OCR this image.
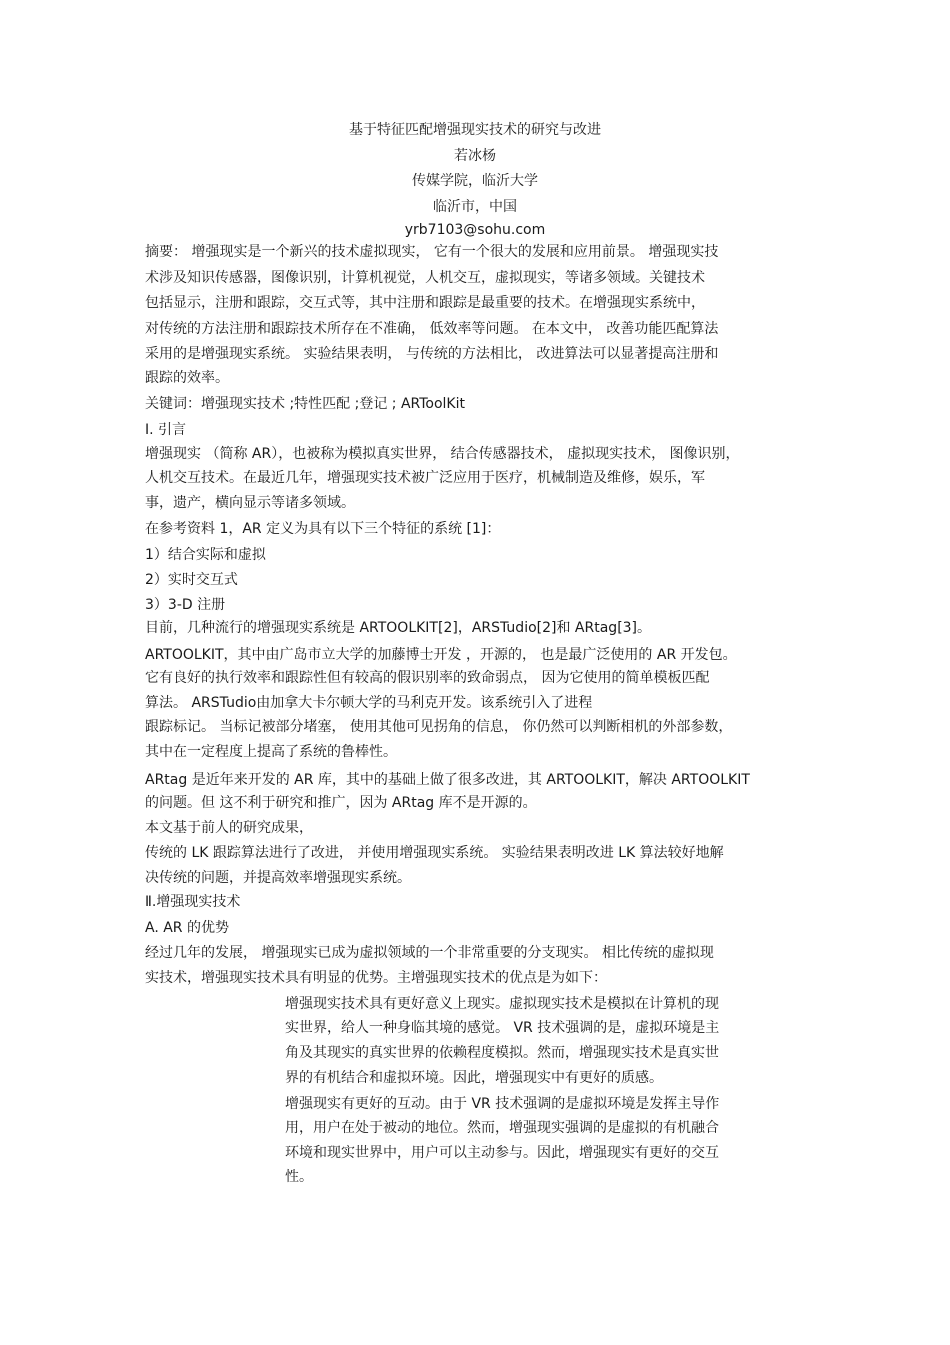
基于特征匹配增强现实技术的研究与改进
若冰杨
传媒学院，临沂大学
临沂市，中国
yrb7103@sohu.com
摘要： 增强现实是一个新兴的技术虚拟现实， 它有一个很大的发展和应用前景。 增强现实技
术涉及知识传感器，图像识别，计算机视觉，人机交互，虚拟现实，等诸多领域。关键技术
包括显示，注册和跟踪，交互式等，其中注册和跟踪是最重要的技术。在增强现实系统中，
对传统的方法注册和跟踪技术所存在不准确， 低效率等问题。 在本文中， 改善功能匹配算法
采用的是增强现实系统。 实验结果表明， 与传统的方法相比， 改进算法可以显著提高注册和
跟踪的效率。
关键词：增强现实技术 ;特性匹配 ;登记 ; ARToolKit
I. 引言
增强现实 （简称 AR），也被称为模拟真实世界， 结合传感器技术， 虚拟现实技术， 图像识别，
人机交互技术。在最近几年，增强现实技术被广泛应用于医疗，机械制造及维修，娱乐，军
事，遗产，横向显示等诸多领域。
在参考资料 1，AR 定义为具有以下三个特征的系统 [1]：
1）结合实际和虚拟
2）实时交互式
3）3-D 注册
目前，几种流行的增强现实系统是 ARTOOLKIT[2]，ARSTudio[2]和 ARtag[3]。
ARTOOLKIT，其中由广岛市立大学的加藤博士开发 ，开源的， 也是最广泛使用的 AR 开发包。
它有良好的执行效率和跟踪性但有较高的假识别率的致命弱点， 因为它使用的简单模板匹配
算法。 ARSTudio由加拿大卡尔顿大学的马利克开发。该系统引入了进程
跟踪标记。 当标记被部分堵塞， 使用其他可见拐角的信息， 你仍然可以判断相机的外部参数，
其中在一定程度上提高了系统的鲁棒性。
ARtag 是近年来开发的 AR 库，其中的基础上做了很多改进，其 ARTOOLKIT，解决 ARTOOLKIT
的问题。但 这不利于研究和推广，因为 ARtag 库不是开源的。
本文基于前人的研究成果，
传统的 LK 跟踪算法进行了改进， 并使用增强现实系统。 实验结果表明改进 LK 算法较好地解
决传统的问题，并提高效率增强现实系统。
Ⅱ.增强现实技术
A. AR 的优势
经过几年的发展， 增强现实已成为虚拟领域的一个非常重要的分支现实。 相比传统的虚拟现
实技术，增强现实技术具有明显的优势。主增强现实技术的优点是为如下：
增强现实技术具有更好意义上现实。虚拟现实技术是模拟在计算机的现
实世界，给人一种身临其境的感觉。 VR 技术强调的是，虚拟环境是主
角及其现实的真实世界的依赖程度模拟。然而，增强现实技术是真实世
界的有机结合和虚拟环境。因此，增强现实中有更好的质感。
增强现实有更好的互动。由于 VR 技术强调的是虚拟环境是发挥主导作
用，用户在处于被动的地位。然而，增强现实强调的是虚拟的有机融合
环境和现实世界中，用户可以主动参与。因此，增强现实有更好的交互
性。
